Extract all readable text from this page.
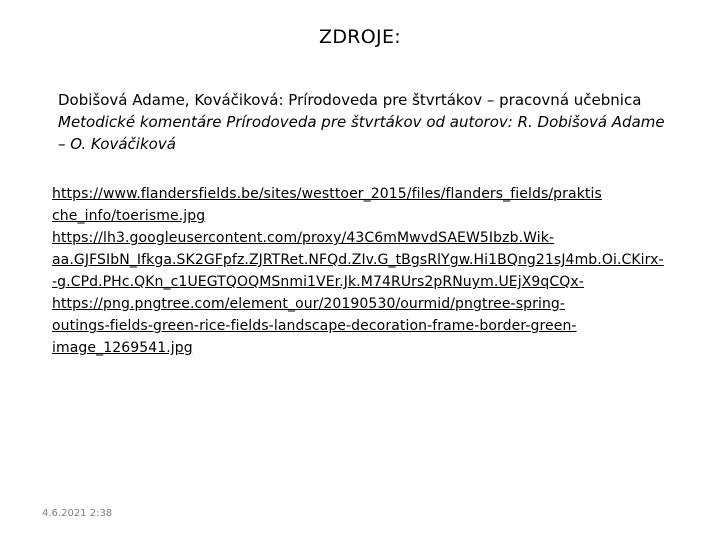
ZDROJE:
Dobišová Adame, Kováčiková: Prírodoveda pre štvrtákov – pracovná učebnica
Metodické komentáre Prírodoveda pre štvrtákov od autorov: R. Dobišová Adame
– O. Kováčiková
https://www.flandersfields.be/sites/westtoer_2015/files/flanders_fields/praktis
che_info/toerisme.jpg
https://lh3.googleusercontent.com/proxy/43C6mMwvdSAEW5Ibzb.Wik-
aa.GJFSIbN_Ifkga.SK2GFpfz.ZJRTRet.NFQd.ZIv.G_tBgsRlYgw.Hi1BQng21sJ4mb.Oi.CKirx-
-g.CPd.PHc.QKn_c1UEGTQOQMSnmi1VEr.Jk.M74RUrs2pRNuym.UEjX9qCQx-
https://png.pngtree.com/element_our/20190530/ourmid/pngtree-spring-
outings-fields-green-rice-fields-landscape-decoration-frame-border-green-
image_1269541.jpg
4.6.2021 2:38
